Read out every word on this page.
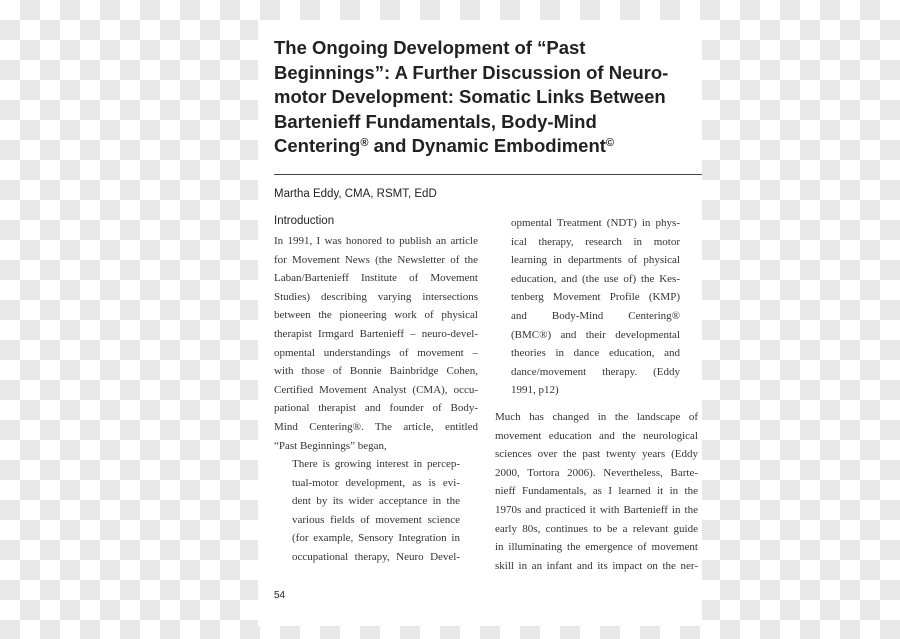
The Ongoing Development of “Past
Beginnings”: A Further Discussion of Neuro-
motor Development: Somatic Links Between
Bartenieff Fundamentals, Body-Mind
Centering® and Dynamic Embodiment©
Martha Eddy, CMA, RSMT, EdD
Introduction

In 1991, I was honored to publish an article

for Movement News (the Newsletter of the

Laban/Bartenieff Institute of Movement

Studies) describing varying intersections

between the pioneering work of physical

therapist Irmgard Bartenieff – neuro-devel-

opmental understandings of movement –

with those of Bonnie Bainbridge Cohen,

Certified Movement Analyst (CMA), occu-

pational therapist and founder of Body-

Mind Centering®. The article, entitled

“Past Beginnings” began,

There is growing interest in percep-

tual-motor development, as is evi-

dent by its wider acceptance in the

various fields of movement science

(for example, Sensory Integration in

occupational therapy, Neuro Devel-

opmental Treatment (NDT) in phys-

ical therapy, research in motor

learning in departments of physical

education, and (the use of) the Kes-

tenberg Movement Profile (KMP)

and Body-Mind Centering®

(BMC®) and their developmental

theories in dance education, and

dance/movement therapy. (Eddy

1991, p12)

Much has changed in the landscape of

movement education and the neurological

sciences over the past twenty years (Eddy

2000, Tortora 2006). Nevertheless, Barte-

nieff Fundamentals, as I learned it in the

1970s and practiced it with Bartenieff in the

early 80s, continues to be a relevant guide

in illuminating the emergence of movement

skill in an infant and its impact on the ner-

54
